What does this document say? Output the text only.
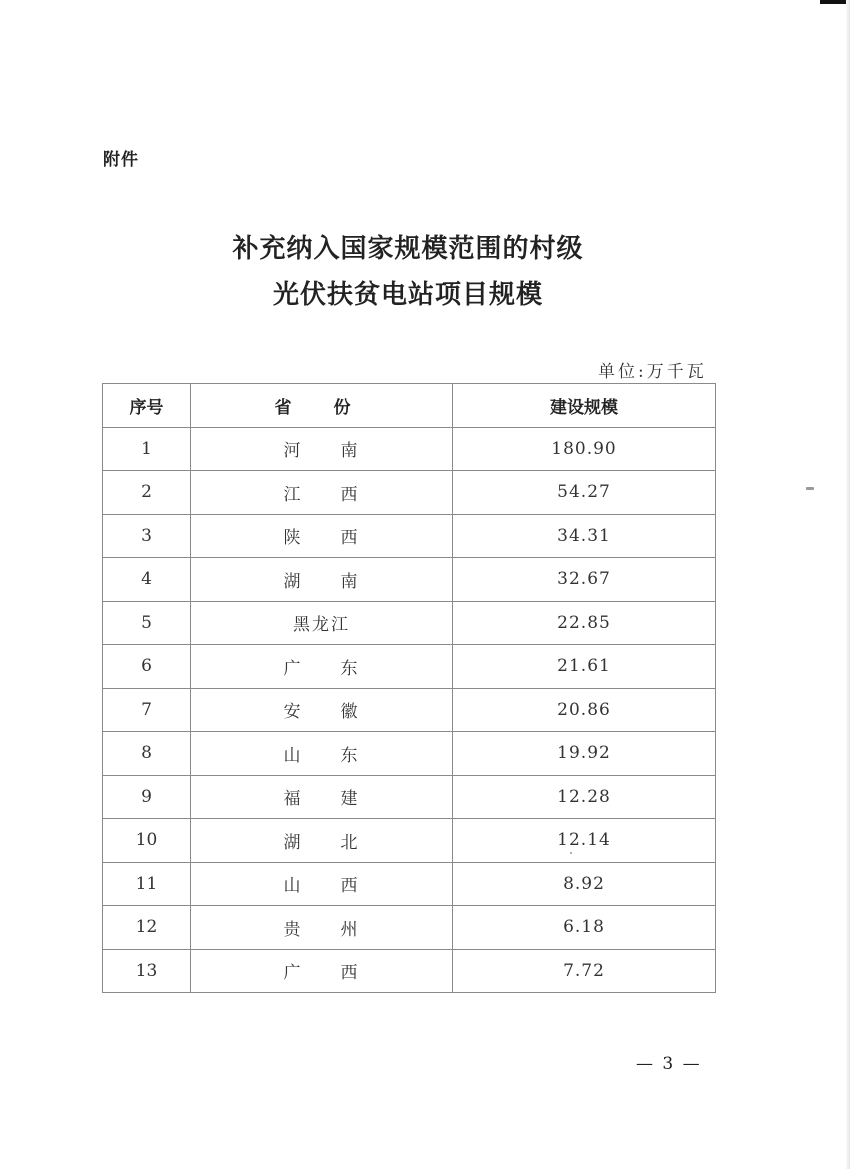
附件
补充纳入国家规模范围的村级
光伏扶贫电站项目规模
单位:万千瓦
序号	省 份	建设规模
1	河　　南	180.90
2	江　　西	54.27
3	陕　　西	34.31
4	湖　　南	32.67
5	黑龙江	22.85
6	广　　东	21.61
7	安　　徽	20.86
8	山　　东	19.92
9	福　　建	12.28
10	湖　　北	12.14
11	山　　西	8.92
12	贵　　州	6.18
13	广　　西	7.72
— 3 —
